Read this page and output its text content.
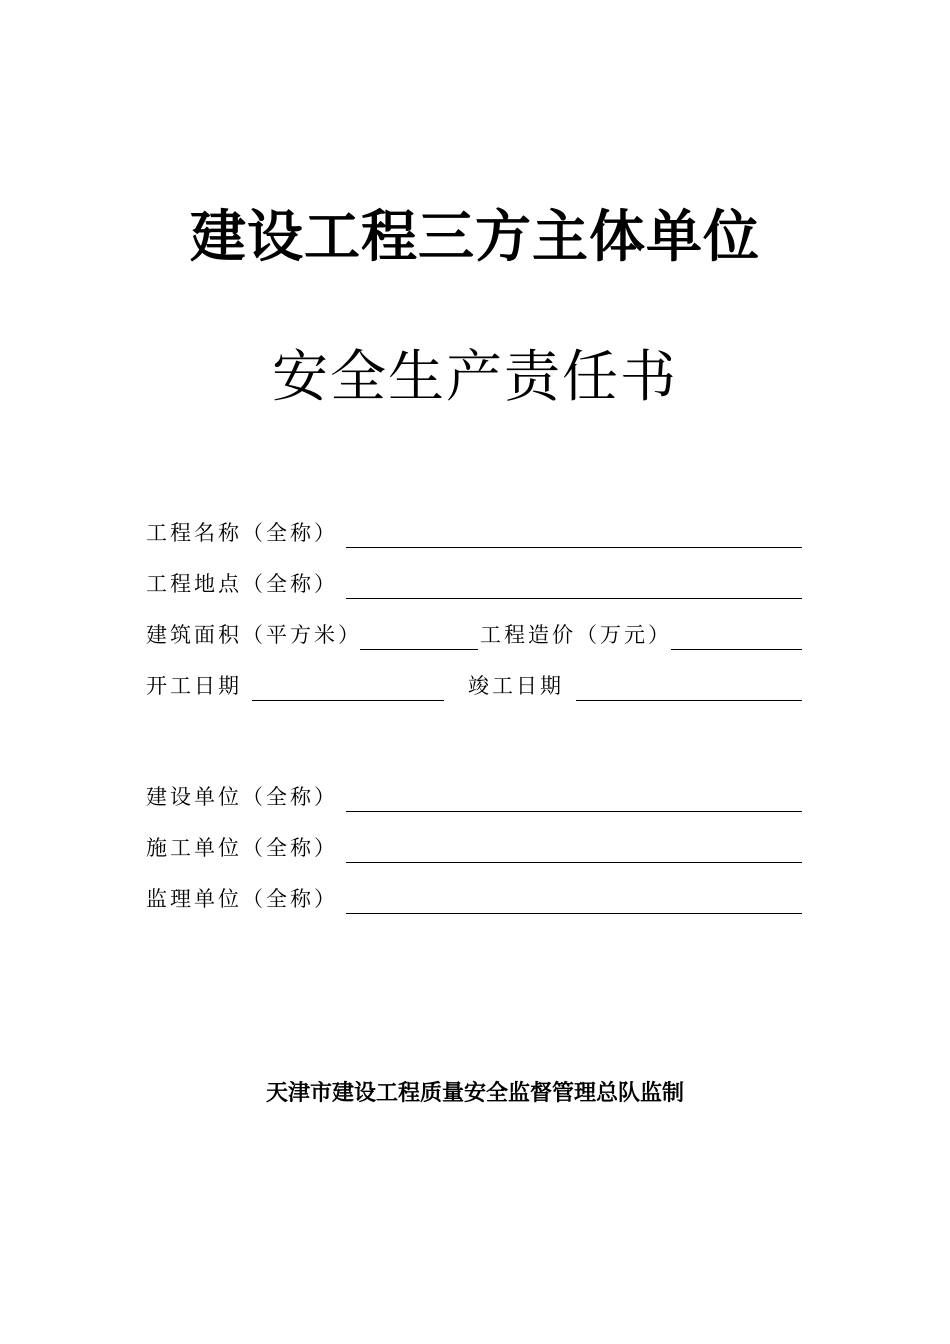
建设工程三方主体单位
安全生产责任书
工程名称（全称）
工程地点（全称）
建筑面积（平方米）	工程造价（万元）
开工日期	竣工日期
建设单位（全称）
施工单位（全称）
监理单位（全称）
天津市建设工程质量安全监督管理总队监制
